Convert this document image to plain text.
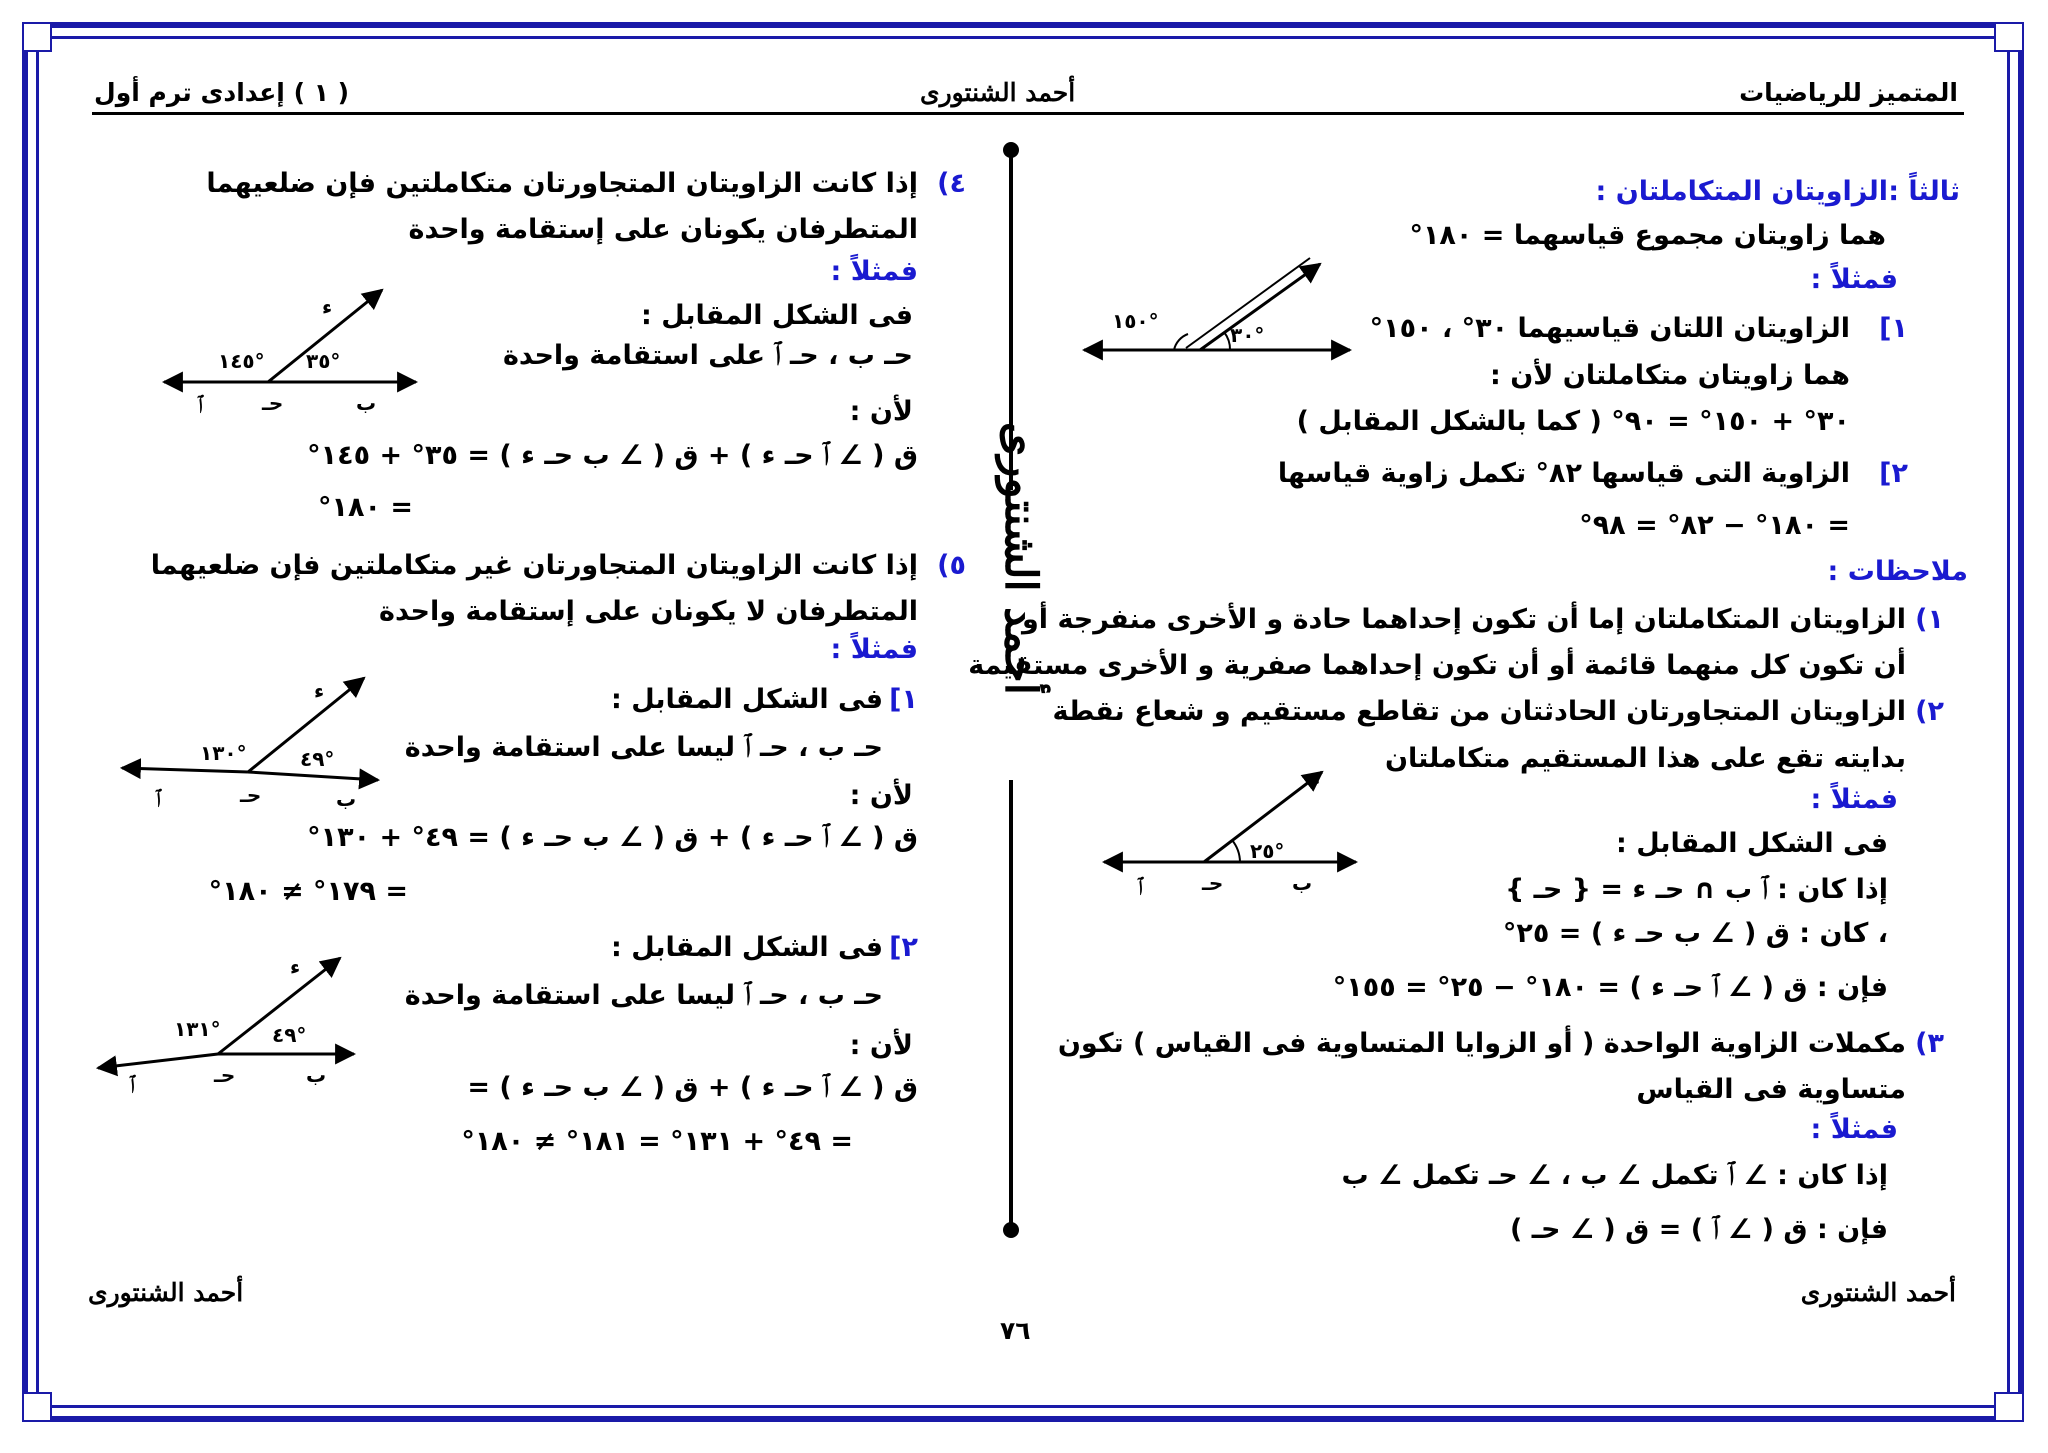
المتميز للرياضيات
أحمد الشنتورى
( ١ ) إعدادى ترم أول
أحمد الشنتورى
ثالثاً :
الزاويتان المتكاملتان :
هما زاويتان مجموع قياسهما = ١٨٠°
فمثلاً :
١]
الزاويتان اللتان قياسيهما ٣٠° ، ١٥٠°
هما زاويتان متكاملتان لأن :
٣٠° + ١٥٠° = ٩٠° ( كما بالشكل المقابل )
٢]
الزاوية التى قياسها ٨٢° تكمل زاوية قياسها
= ١٨٠° − ٨٢° = ٩٨°
ملاحظات :
١)
الزاويتان المتكاملتان إما أن تكون إحداهما حادة و الأخرى منفرجة أو
أن تكون كل منهما قائمة أو أن تكون إحداهما صفرية و الأخرى مستقيمة
٢)
الزاويتان المتجاورتان الحادثتان من تقاطع مستقيم و شعاع نقطة
بدايته تقع على هذا المستقيم متكاملتان
فمثلاً :
فى الشكل المقابل :
إذا كان : ﭐ ب ∩ حـ ء = { حـ }
، كان : ق ( ∠ ب حـ ء ) = ٢٥°
فإن : ق ( ∠ ﭐ حـ ء ) = ١٨٠° − ٢٥° = ١٥٥°
٣)
مكملات الزاوية الواحدة ( أو الزوايا المتساوية فى القياس ) تكون
متساوية فى القياس
فمثلاً :
إذا كان : ∠ ﭐ تكمل ∠ ب ، ∠ حـ تكمل ∠ ب
فإن : ق ( ∠ ﭐ ) = ق ( ∠ حـ )
٤)
إذا كانت الزاويتان المتجاورتان متكاملتين فإن ضلعيهما
المتطرفان يكونان على إستقامة واحدة
فمثلاً :
فى الشكل المقابل :
حـ ب ، حـ ﭐ على استقامة واحدة
لأن :
ق ( ∠ ﭐ حـ ء ) + ق ( ∠ ب حـ ء ) = ٣٥° + ١٤٥°
= ١٨٠°
٥)
إذا كانت الزاويتان المتجاورتان غير متكاملتين فإن ضلعيهما
المتطرفان لا يكونان على إستقامة واحدة
فمثلاً :
١]
فى الشكل المقابل :
حـ ب ، حـ ﭐ ليسا على استقامة واحدة
لأن :
ق ( ∠ ﭐ حـ ء ) + ق ( ∠ ب حـ ء ) = ٤٩° + ١٣٠°
= ١٧٩° ≠ ١٨٠°
٢]
فى الشكل المقابل :
حـ ب ، حـ ﭐ ليسا على استقامة واحدة
لأن :
ق ( ∠ ﭐ حـ ء ) + ق ( ∠ ب حـ ء ) =
= ٤٩° + ١٣١° = ١٨١° ≠ ١٨٠°
١٥٠°
٣٠°
٢٥°
ء
ﭐ	حـ	ب
١٤٥° ٣٥°
ء
ﭐ	حـ	ب
١٣٠°	٤٩°
ء
ﭐ	حـ	ب
١٣١°	٤٩°
ء
ﭐ	حـ	ب
أحمد الشنتورى	أحمد الشنتورى
٧٦
